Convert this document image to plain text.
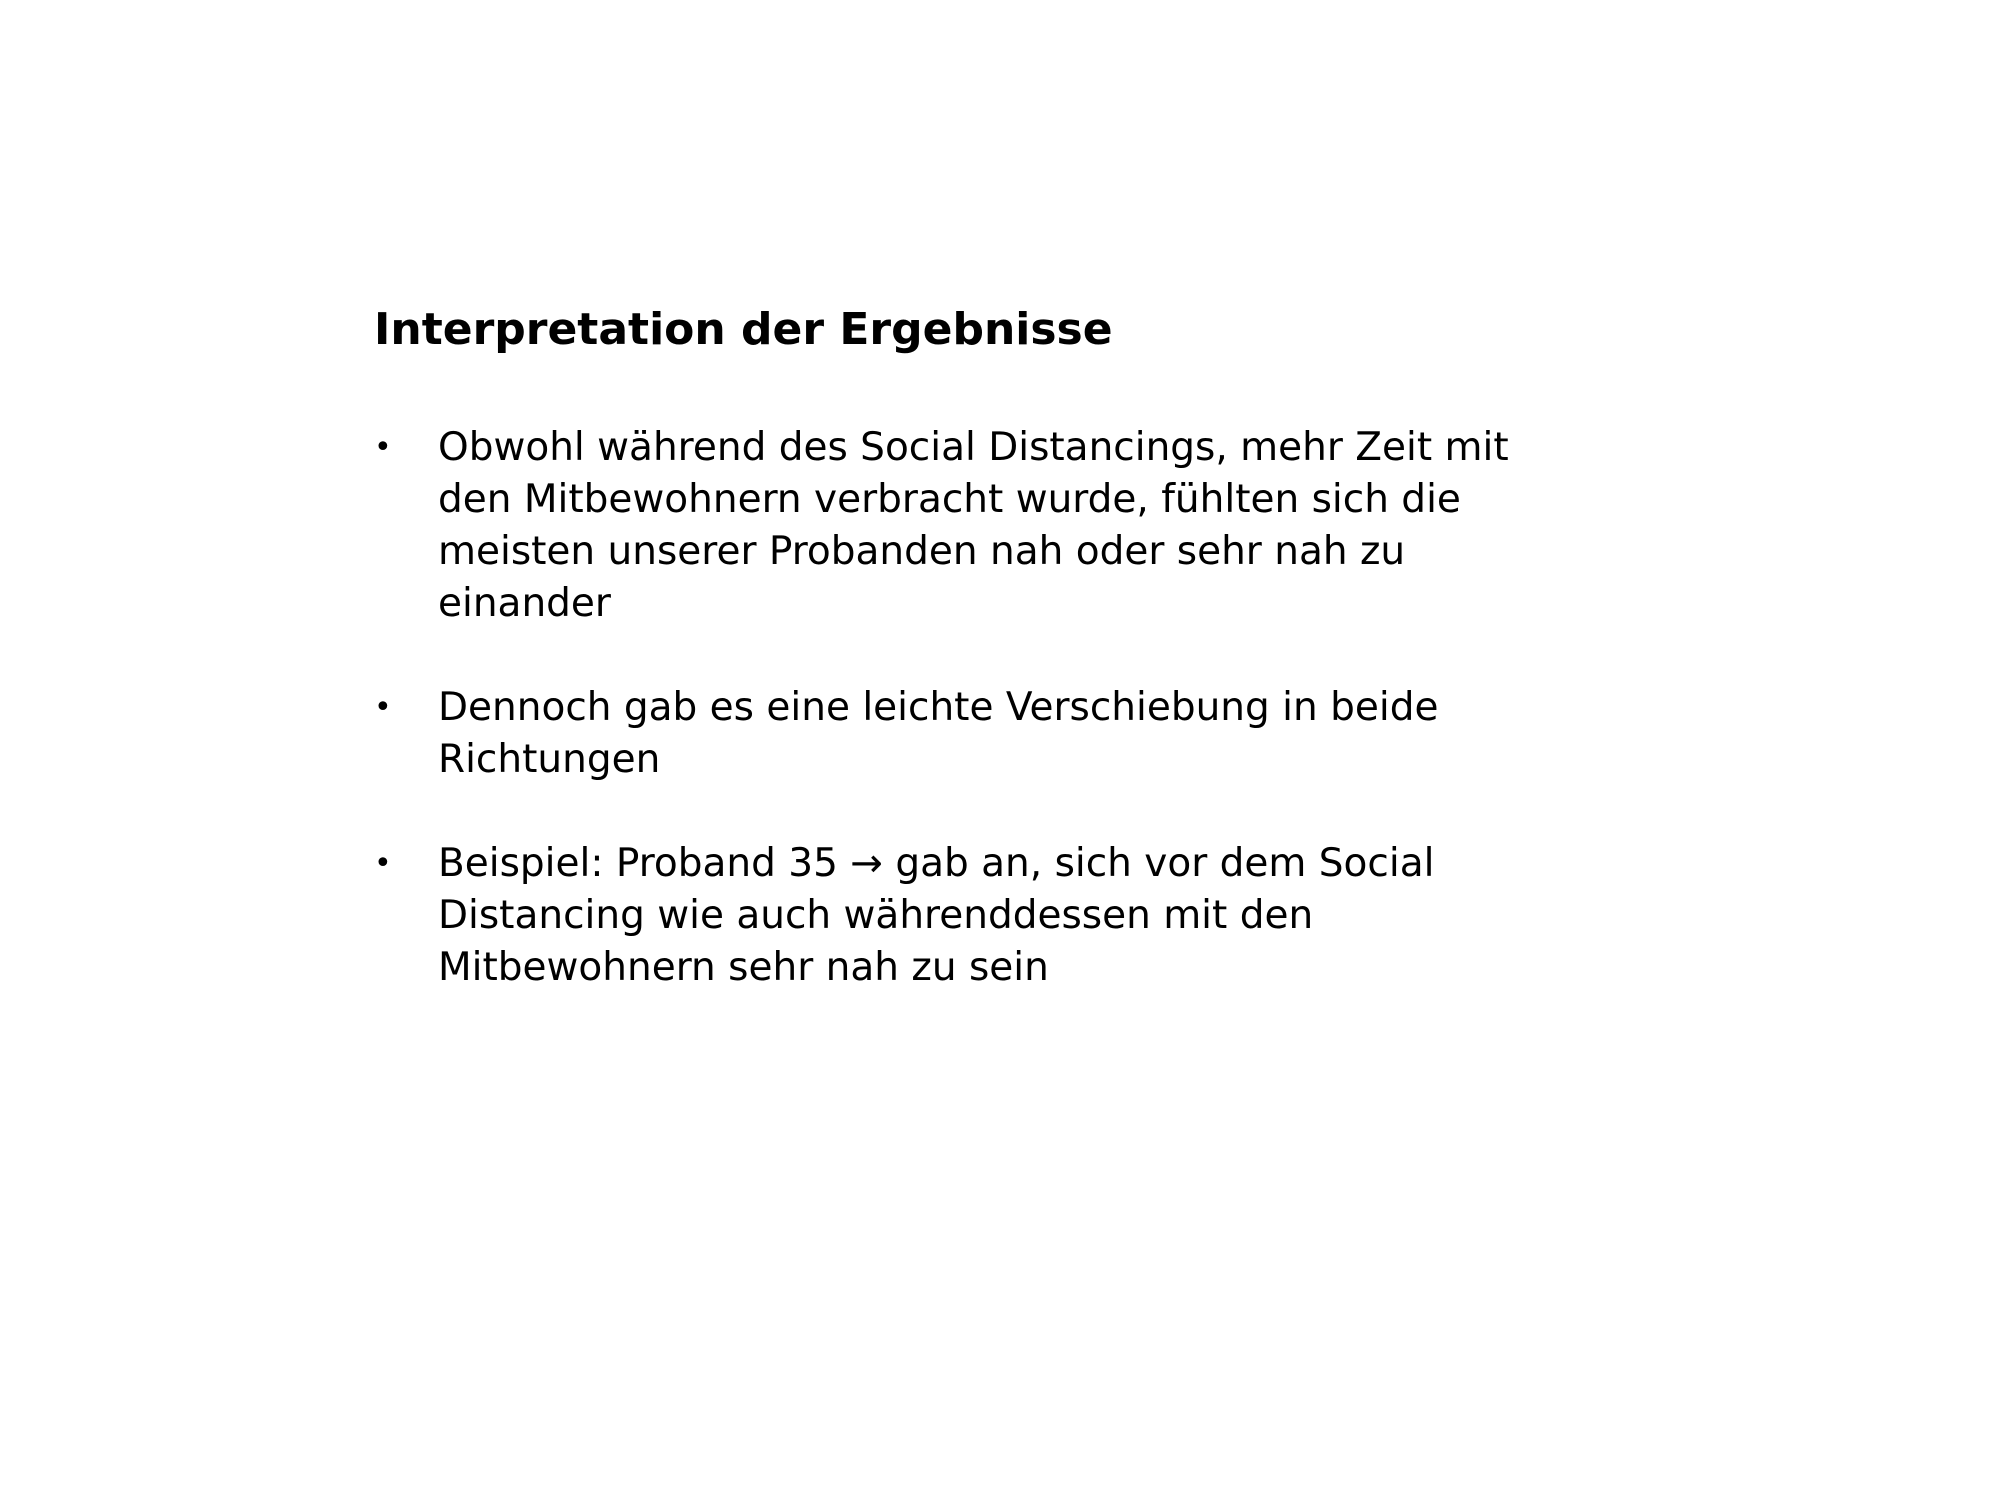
Interpretation der Ergebnisse
•	Obwohl während des Social Distancings, mehr Zeit mit
den Mitbewohnern verbracht wurde, fühlten sich die
meisten unserer Probanden nah oder sehr nah zu
einander
•	Dennoch gab es eine leichte Verschiebung in beide
Richtungen
•	Beispiel: Proband 35 → gab an, sich vor dem Social
Distancing wie auch währenddessen mit den
Mitbewohnern sehr nah zu sein
